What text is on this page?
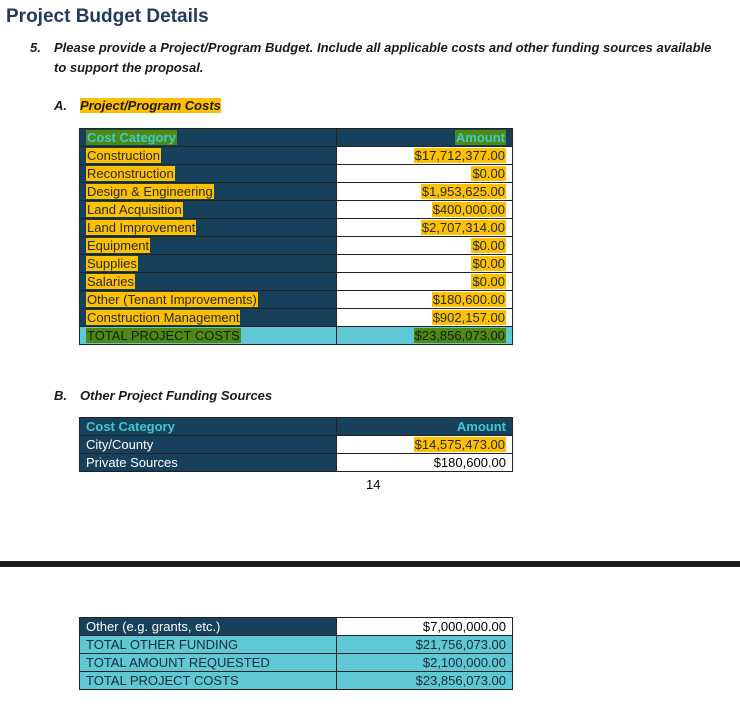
Project Budget Details
5. Please provide a Project/Program Budget. Include all applicable costs and other funding sources available to support the proposal.
A. Project/Program Costs
Cost Category	Amount
Construction	$17,712,377.00
Reconstruction	$0.00
Design & Engineering	$1,953,625.00
Land Acquisition	$400,000.00
Land Improvement	$2,707,314.00
Equipment	$0.00
Supplies	$0.00
Salaries	$0.00
Other (Tenant Improvements)	$180,600.00
Construction Management	$902,157.00
TOTAL PROJECT COSTS	$23,856,073.00
B. Other Project Funding Sources
Cost Category	Amount
City/County	$14,575,473.00
Private Sources	$180,600.00
14
Other (e.g. grants, etc.)	$7,000,000.00
TOTAL OTHER FUNDING	$21,756,073.00
TOTAL AMOUNT REQUESTED	$2,100,000.00
TOTAL PROJECT COSTS	$23,856,073.00
